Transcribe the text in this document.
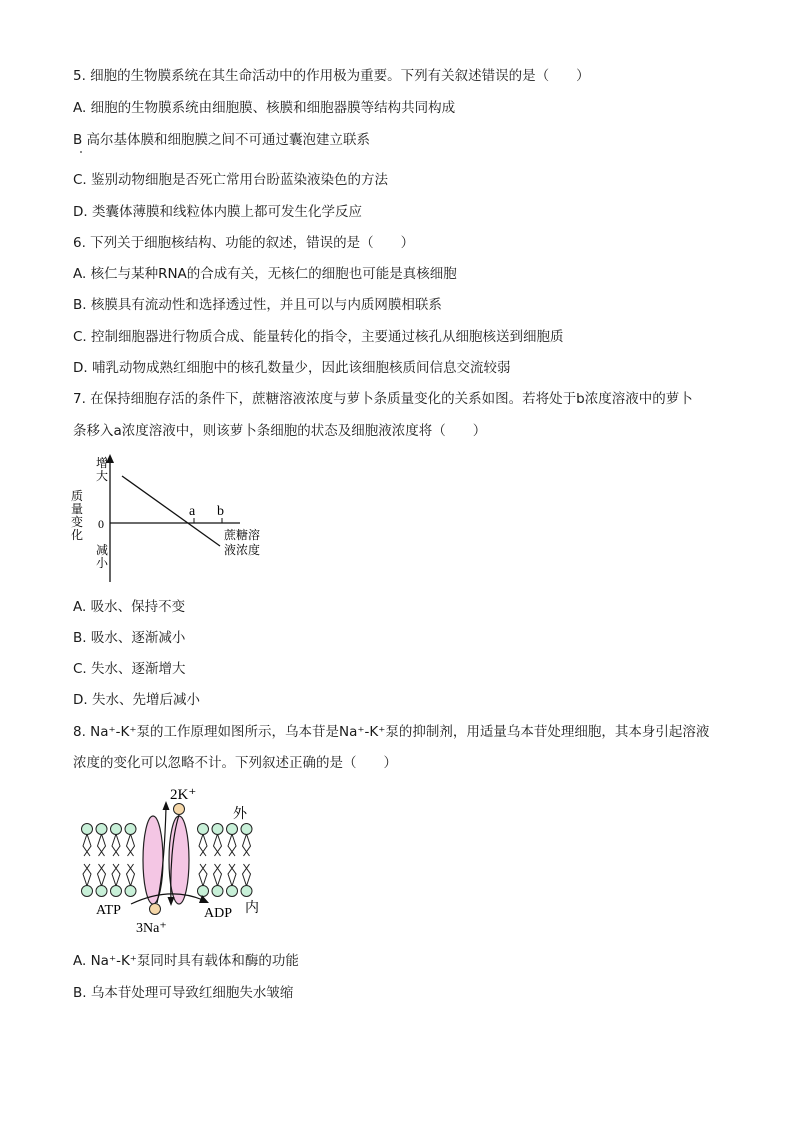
5. 细胞的生物膜系统在其生命活动中的作用极为重要。下列有关叙述错误的是（　　）
A. 细胞的生物膜系统由细胞膜、核膜和细胞器膜等结构共同构成
B 高尔基体膜和细胞膜之间不可通过囊泡建立联系
C. 鉴别动物细胞是否死亡常用台盼蓝染液染色的方法
D. 类囊体薄膜和线粒体内膜上都可发生化学反应
6. 下列关于细胞核结构、功能的叙述，错误的是（　　）
A. 核仁与某种RNA的合成有关，无核仁的细胞也可能是真核细胞
B. 核膜具有流动性和选择透过性，并且可以与内质网膜相联系
C. 控制细胞器进行物质合成、能量转化的指令，主要通过核孔从细胞核送到细胞质
D. 哺乳动物成熟红细胞中的核孔数量少，因此该细胞核质间信息交流较弱
7. 在保持细胞存活的条件下，蔗糖溶液浓度与萝卜条质量变化的关系如图。若将处于b浓度溶液中的萝卜
条移入a浓度溶液中，则该萝卜条细胞的状态及细胞液浓度将（　　）
增大
质量变化
0
减小
a b
蔗糖溶
液浓度
A. 吸水、保持不变
B. 吸水、逐渐减小
C. 失水、逐渐增大
D. 失水、先增后减小
8. Na⁺-K⁺泵的工作原理如图所示，乌本苷是Na⁺-K⁺泵的抑制剂，用适量乌本苷处理细胞，其本身引起溶液
浓度的变化可以忽略不计。下列叙述正确的是（　　）
2K⁺
外
ATP	ADP 内
3Na⁺
A. Na⁺-K⁺泵同时具有载体和酶的功能
B. 乌本苷处理可导致红细胞失水皱缩
